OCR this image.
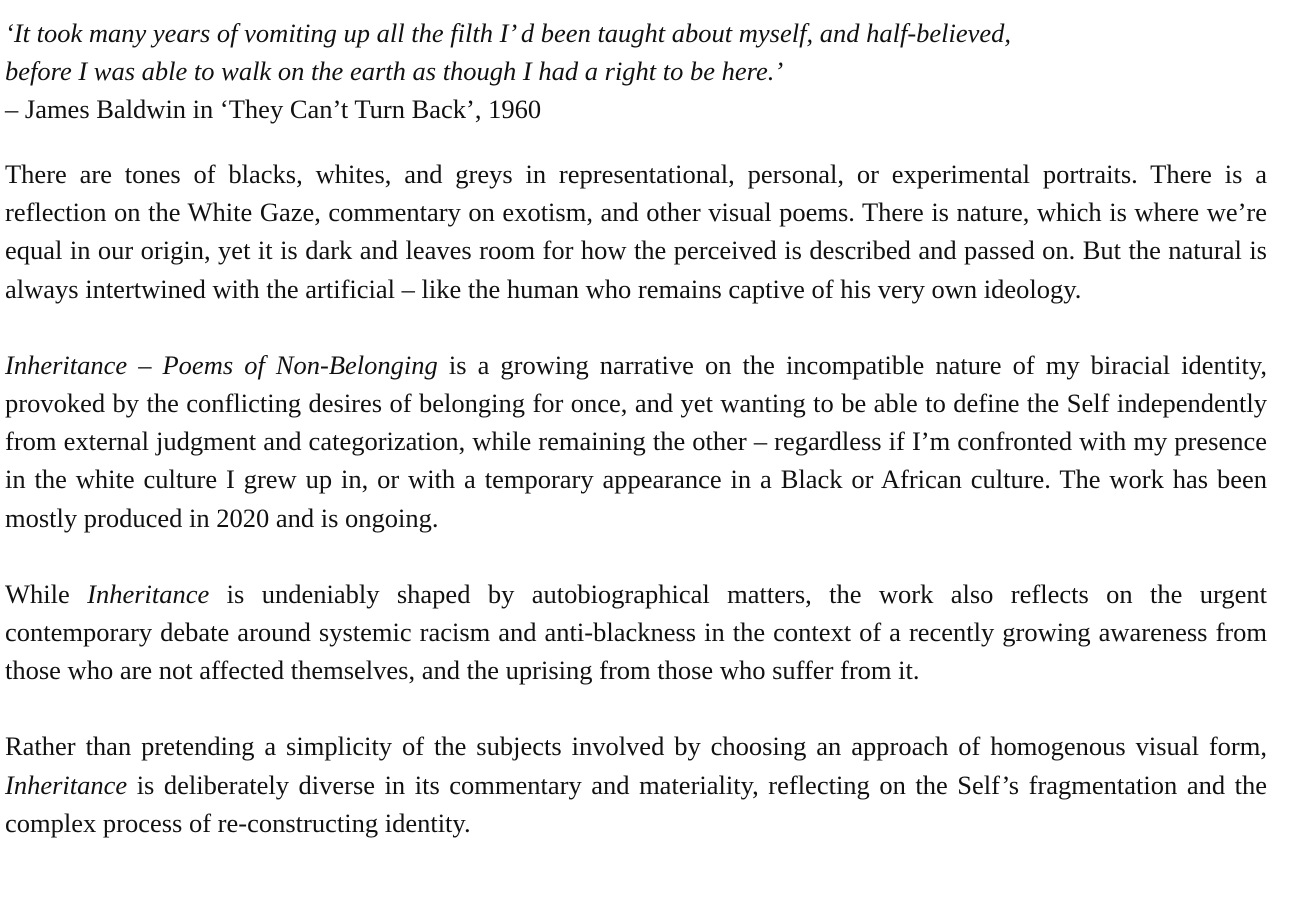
‘It took many years of vomiting up all the filth I’ d been taught about myself, and half-believed,
before I was able to walk on the earth as though I had a right to be here.’
– James Baldwin in ‘They Can’t Turn Back’, 1960

There are tones of blacks, whites, and greys in representational, personal, or experimental portraits. There is a reflection on the White Gaze, commentary on exotism, and other visual poems. There is nature, which is where we’re equal in our origin, yet it is dark and leaves room for how the perceived is described and passed on. But the natural is always intertwined with the artificial – like the human who remains captive of his very own ideology.

Inheritance – Poems of Non-Belonging is a growing narrative on the incompatible nature of my biracial identity, provoked by the conflicting desires of belonging for once, and yet wanting to be able to define the Self independently from external judgment and categorization, while remaining the other – regardless if I’m confronted with my presence in the white culture I grew up in, or with a temporary appearance in a Black or African culture. The work has been mostly produced in 2020 and is ongoing.

While Inheritance is undeniably shaped by autobiographical matters, the work also reflects on the urgent contemporary debate around systemic racism and anti-blackness in the context of a recently growing awareness from those who are not affected themselves, and the uprising from those who suffer from it.

Rather than pretending a simplicity of the subjects involved by choosing an approach of homogenous visual form, Inheritance is deliberately diverse in its commentary and materiality, reflecting on the Self’s fragmentation and the complex process of re-constructing identity.
